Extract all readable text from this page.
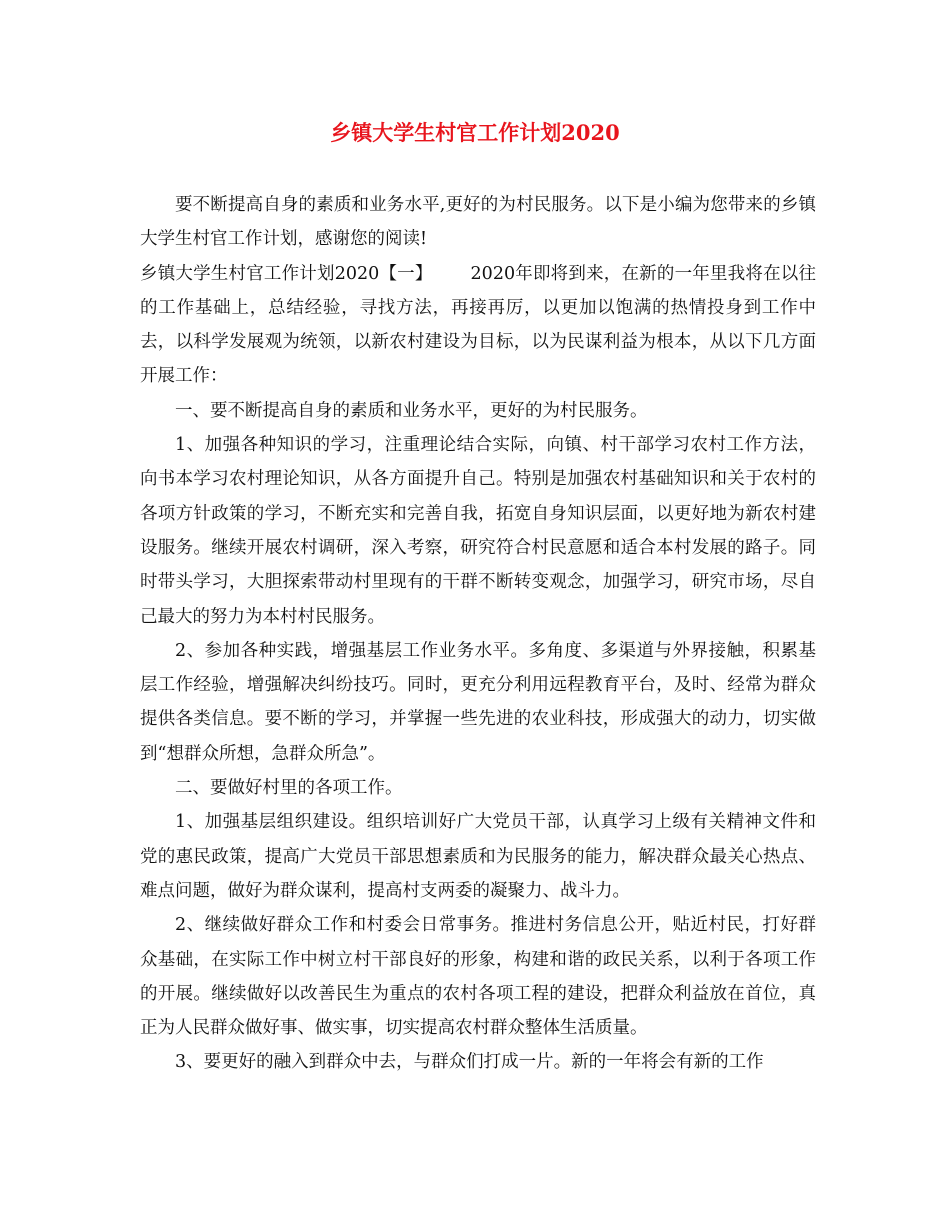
乡镇大学生村官工作计划2020

要不断提高自身的素质和业务水平,更好的为村民服务。以下是小编为您带来的乡镇大学生村官工作计划，感谢您的阅读!

乡镇大学生村官工作计划2020【一】 2020年即将到来，在新的一年里我将在以往的工作基础上，总结经验，寻找方法，再接再厉，以更加以饱满的热情投身到工作中去，以科学发展观为统领，以新农村建设为目标，以为民谋利益为根本，从以下几方面开展工作：

一、要不断提高自身的素质和业务水平，更好的为村民服务。

1、加强各种知识的学习，注重理论结合实际，向镇、村干部学习农村工作方法，向书本学习农村理论知识，从各方面提升自己。特别是加强农村基础知识和关于农村的各项方针政策的学习，不断充实和完善自我，拓宽自身知识层面，以更好地为新农村建设服务。继续开展农村调研，深入考察，研究符合村民意愿和适合本村发展的路子。同时带头学习，大胆探索带动村里现有的干群不断转变观念，加强学习，研究市场，尽自己最大的努力为本村村民服务。

2、参加各种实践，增强基层工作业务水平。多角度、多渠道与外界接触，积累基层工作经验，增强解决纠纷技巧。同时，更充分利用远程教育平台，及时、经常为群众提供各类信息。要不断的学习，并掌握一些先进的农业科技，形成强大的动力，切实做到“想群众所想，急群众所急”。

二、要做好村里的各项工作。

1、加强基层组织建设。组织培训好广大党员干部，认真学习上级有关精神文件和党的惠民政策，提高广大党员干部思想素质和为民服务的能力，解决群众最关心热点、难点问题，做好为群众谋利，提高村支两委的凝聚力、战斗力。

2、继续做好群众工作和村委会日常事务。推进村务信息公开，贴近村民，打好群众基础，在实际工作中树立村干部良好的形象，构建和谐的政民关系，以利于各项工作的开展。继续做好以改善民生为重点的农村各项工程的建设，把群众利益放在首位，真正为人民群众做好事、做实事，切实提高农村群众整体生活质量。

3、要更好的融入到群众中去，与群众们打成一片。新的一年将会有新的工作
